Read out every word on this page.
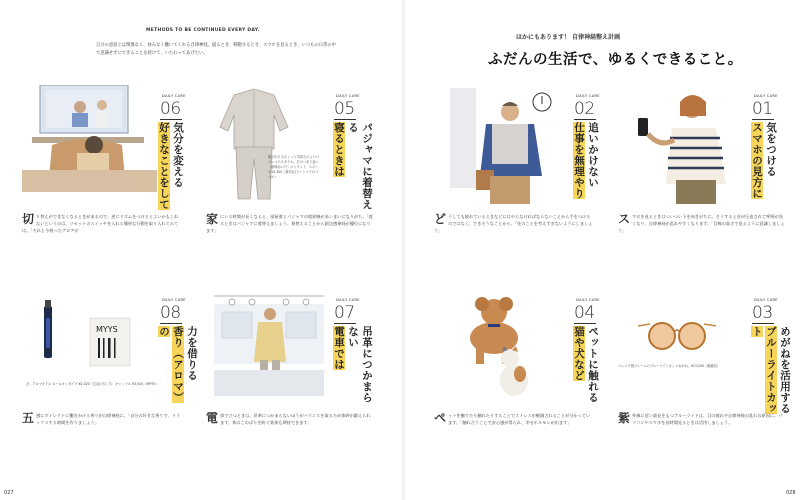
METHODS TO BE CONTINUED EVERY DAY.
自分の意思とは関係なく、休みなく働いてくれる自律神経。寝るとき、移動するとき、スマホを見るとき、いつもの日常の中で意識せずにできることを続けて、いたわってあげたい。
DAILY CARE
06
気分を変える
好きなことをして	肌ざわりもちょっと気持ちのよいパジャマのスタイル。そのつまり良い（意味めいた）ジャケット、スボン￥15,300（遊歩社/ファンベイのラベル）
DAILY CARE
05
パジャマに着替える
寝るときは
切 り替えができなくなるときがあるので、逆にリズムをつけるとよいかもしれないというのは、リセットのスイッチを入れる簡単な行動を取り入れてみては。「それと今持ったブロアが
家 にいる時間が長くなると、部屋着とパジャマの境界線があいまいになりがち。「寝るときはパジャマに着替えましょう。着替えることから副交感神経が優位になります」
MYYS
左：アロマオイル ロールオンタイプ ¥2,420（生活の木）右：キャンドル ¥3,520（MYYS）
DAILY CARE
08
力を借りる
香り（アロマ）の
DAILY CARE
07
吊革につかまらない
電車では
五 感にダイレクトに働きかける香りが自律神経に。「自分の好きな香りで、リラックスする時間を作りましょう」	電 車で立つときは、吊革につかまらないほうがバランスを取るため体幹が鍛えられます。体のこわばりを防ぐ効果も期待できます。
027
ほかにもあります！ 自律神経整え計画
ふだんの生活で、ゆるくできること。
DAILY CARE
02
追いかけない
仕事を無理やり
DAILY CARE
01
気をつける
スマホの見方に
ど うしても疲れているときなどにはやらなければならないことから手をつけるのではなく、できそうなことから。「先のことを考えすぎないようにしましょう」
ス マホを見るときはついつい下を向きがちに。そうすると首が圧迫されて呼吸が浅くなり、自律神経が乱れやすくなります。「目線の高さで見るように意識しましょう」
DAILY CARE
04
ペットに触れる
猫や犬など	ベッコウ柄フレームのブルーライトカットめがね。¥13,200（眼鏡店）
DAILY CARE
03
めがねを活用する
ブルーライトカット
ペ ットを撫でたり触れたりすることでストレスが軽減されることが分かっています。「触れ合うことで安心感が得られ、幸せホルモンが出ます」	紫 外線に近い波長をもつブルーライトは、目の疲れや自律神経の乱れの原因に。パソコンやスマホを長時間見るときは活用しましょう。
028
